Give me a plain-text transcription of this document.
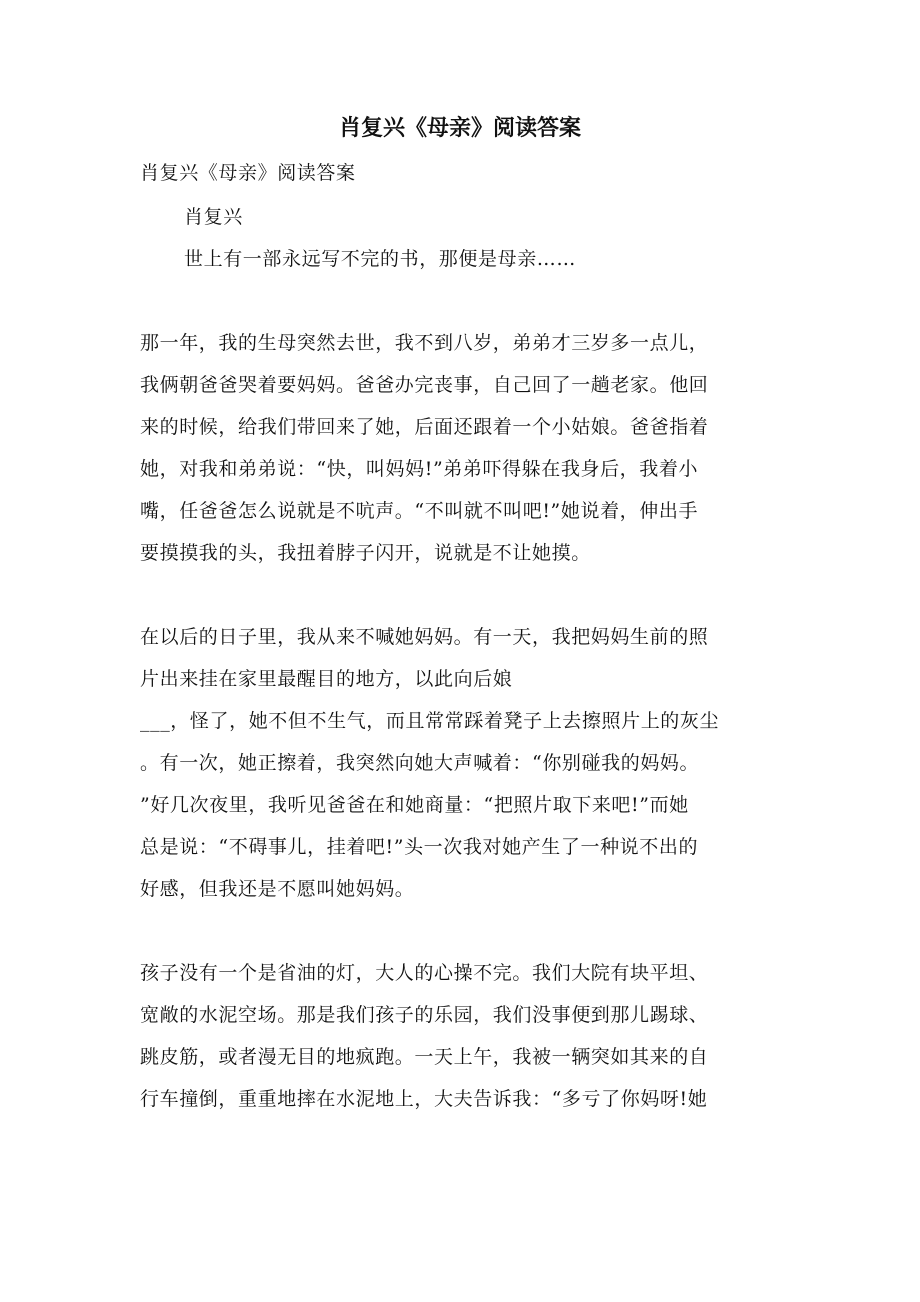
肖复兴《母亲》阅读答案
肖复兴《母亲》阅读答案
肖复兴
世上有一部永远写不完的书，那便是母亲……
那一年，我的生母突然去世，我不到八岁，弟弟才三岁多一点儿，
我俩朝爸爸哭着要妈妈。爸爸办完丧事，自己回了一趟老家。他回
来的时候，给我们带回来了她，后面还跟着一个小姑娘。爸爸指着
她，对我和弟弟说：“快，叫妈妈!”弟弟吓得躲在我身后，我着小
嘴，任爸爸怎么说就是不吭声。“不叫就不叫吧!”她说着，伸出手
要摸摸我的头，我扭着脖子闪开，说就是不让她摸。
在以后的日子里，我从来不喊她妈妈。有一天，我把妈妈生前的照
片出来挂在家里最醒目的地方，以此向后娘
___，怪了，她不但不生气，而且常常踩着凳子上去擦照片上的灰尘
。有一次，她正擦着，我突然向她大声喊着：“你别碰我的妈妈。
”好几次夜里，我听见爸爸在和她商量：“把照片取下来吧!”而她
总是说：“不碍事儿，挂着吧!”头一次我对她产生了一种说不出的
好感，但我还是不愿叫她妈妈。
孩子没有一个是省油的灯，大人的心操不完。我们大院有块平坦、
宽敞的水泥空场。那是我们孩子的乐园，我们没事便到那儿踢球、
跳皮筋，或者漫无目的地疯跑。一天上午，我被一辆突如其来的自
行车撞倒，重重地摔在水泥地上，大夫告诉我：“多亏了你妈呀!她
